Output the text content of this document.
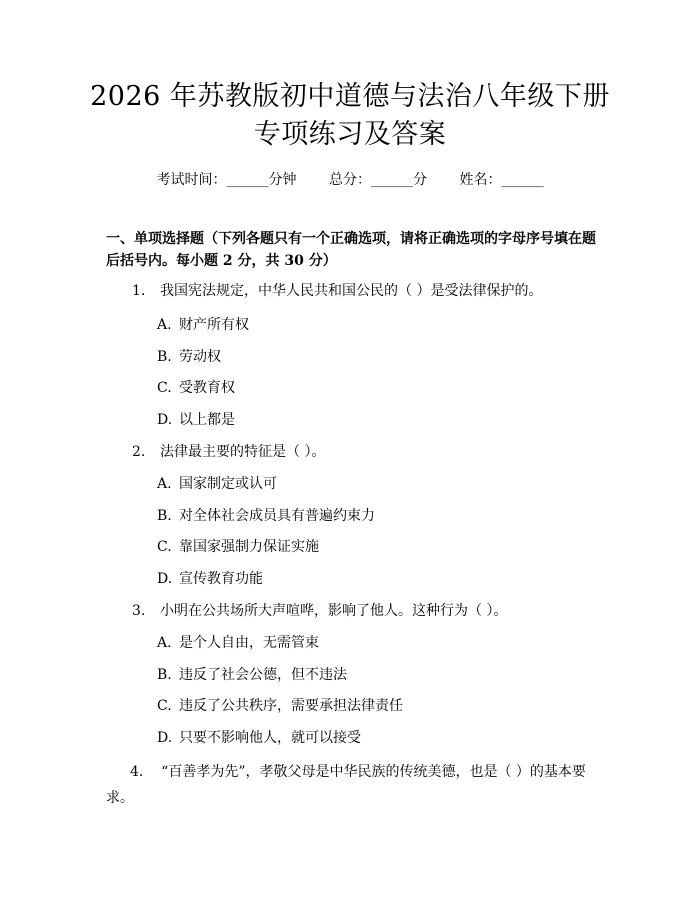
2026 年苏教版初中道德与法治八年级下册专项练习及答案
考试时间：______分钟 总分：______分 姓名：______

一、单项选择题（下列各题只有一个正确选项，请将正确选项的字母序号填在题后括号内。每小题 2 分，共 30 分）

1. 我国宪法规定，中华人民共和国公民的（ ）是受法律保护的。
A. 财产所有权
B. 劳动权
C. 受教育权
D. 以上都是
2. 法律最主要的特征是（ ）。
A. 国家制定或认可
B. 对全体社会成员具有普遍约束力
C. 靠国家强制力保证实施
D. 宣传教育功能
3. 小明在公共场所大声喧哗，影响了他人。这种行为（ ）。
A. 是个人自由，无需管束
B. 违反了社会公德，但不违法
C. 违反了公共秩序，需要承担法律责任
D. 只要不影响他人，就可以接受
4. “百善孝为先”，孝敬父母是中华民族的传统美德，也是（ ）的基本要求。
